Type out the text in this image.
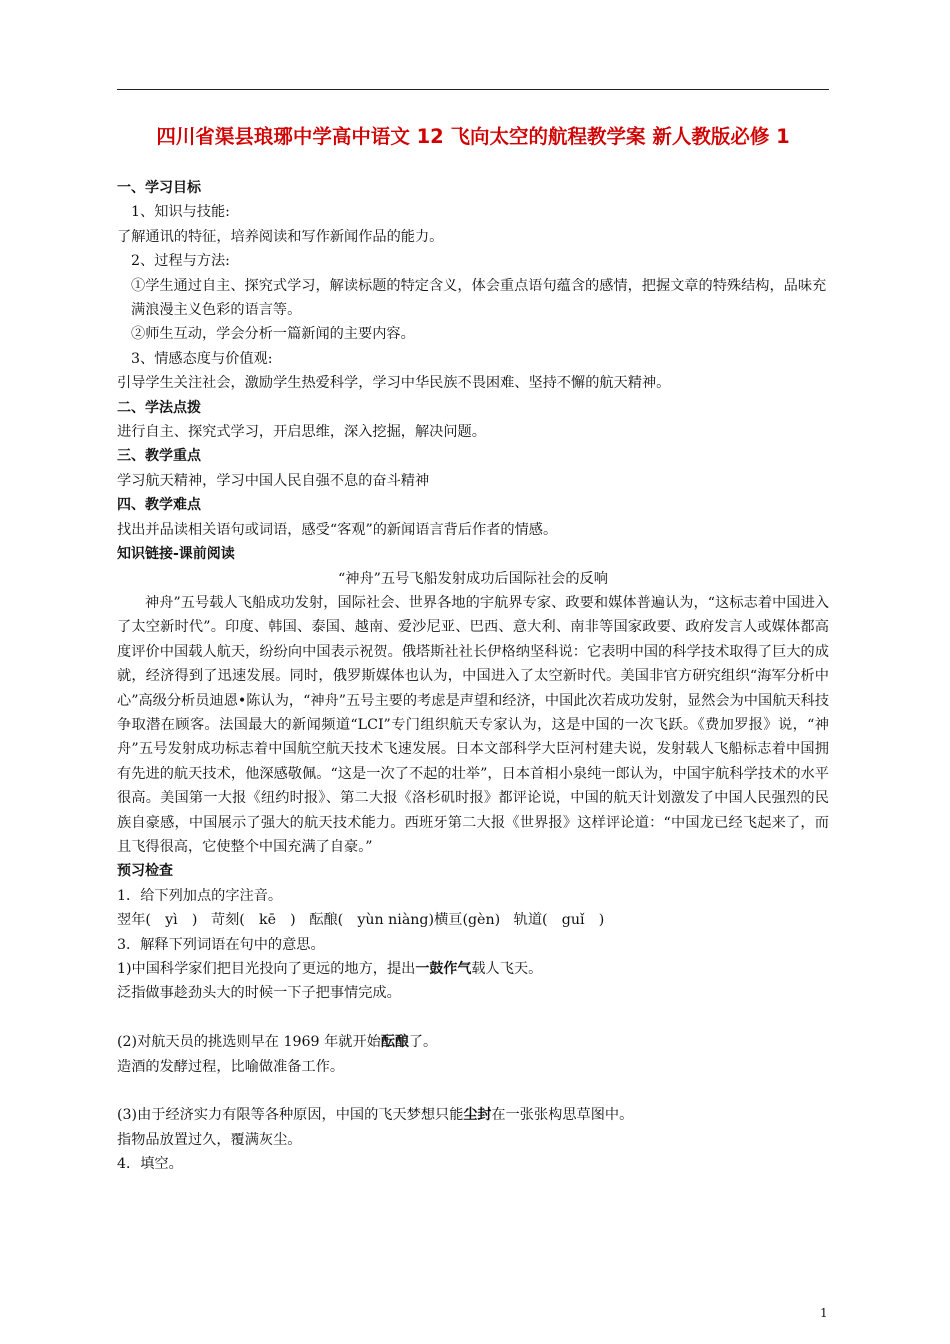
四川省渠县琅琊中学高中语文 12 飞向太空的航程教学案 新人教版必修 1

一、学习目标

1、知识与技能:

了解通讯的特征，培养阅读和写作新闻作品的能力。

2、过程与方法:

①学生通过自主、探究式学习，解读标题的特定含义，体会重点语句蕴含的感情，把握文章的特殊结构，品味充满浪漫主义色彩的语言等。

②师生互动，学会分析一篇新闻的主要内容。

3、情感态度与价值观:

引导学生关注社会，激励学生热爱科学，学习中华民族不畏困难、坚持不懈的航天精神。

二、学法点拨

进行自主、探究式学习，开启思维，深入挖掘，解决问题。

三、教学重点

学习航天精神，学习中国人民自强不息的奋斗精神

四、教学难点

找出并品读相关语句或词语，感受“客观”的新闻语言背后作者的情感。

知识链接-课前阅读

“神舟”五号飞船发射成功后国际社会的反响

神舟”五号载人飞船成功发射，国际社会、世界各地的宇航界专家、政要和媒体普遍认为，“这标志着中国进入了太空新时代”。印度、韩国、泰国、越南、爱沙尼亚、巴西、意大利、南非等国家政要、政府发言人或媒体都高度评价中国载人航天，纷纷向中国表示祝贺。俄塔斯社社长伊格纳坚科说：它表明中国的科学技术取得了巨大的成就，经济得到了迅速发展。同时，俄罗斯媒体也认为，中国进入了太空新时代。美国非官方研究组织“海军分析中心”高级分析员迪恩•陈认为，“神舟”五号主要的考虑是声望和经济，中国此次若成功发射，显然会为中国航天科技争取潜在顾客。法国最大的新闻频道“LCI”专门组织航天专家认为，这是中国的一次飞跃。《费加罗报》说，“神舟”五号发射成功标志着中国航空航天技术飞速发展。日本文部科学大臣河村建夫说，发射载人飞船标志着中国拥有先进的航天技术，他深感敬佩。“这是一次了不起的壮举”，日本首相小泉纯一郎认为，中国宇航科学技术的水平很高。美国第一大报《纽约时报》、第二大报《洛杉矶时报》都评论说，中国的航天计划激发了中国人民强烈的民族自豪感，中国展示了强大的航天技术能力。西班牙第二大报《世界报》这样评论道：“中国龙已经飞起来了，而且飞得很高，它使整个中国充满了自豪。”

预习检查

1．给下列加点的字注音。

翌年(　yì　) 苛刻(　kē　) 酝酿(　yùn niàng)横亘(gèn) 轨道(　guǐ　)

3．解释下列词语在句中的意思。

1)中国科学家们把目光投向了更远的地方，提出一鼓作气载人飞天。

泛指做事趁劲头大的时候一下子把事情完成。

(2)对航天员的挑选则早在 1969 年就开始酝酿了。

造酒的发酵过程，比喻做准备工作。

(3)由于经济实力有限等各种原因，中国的飞天梦想只能尘封在一张张构思草图中。

指物品放置过久，覆满灰尘。

4．填空。

1
